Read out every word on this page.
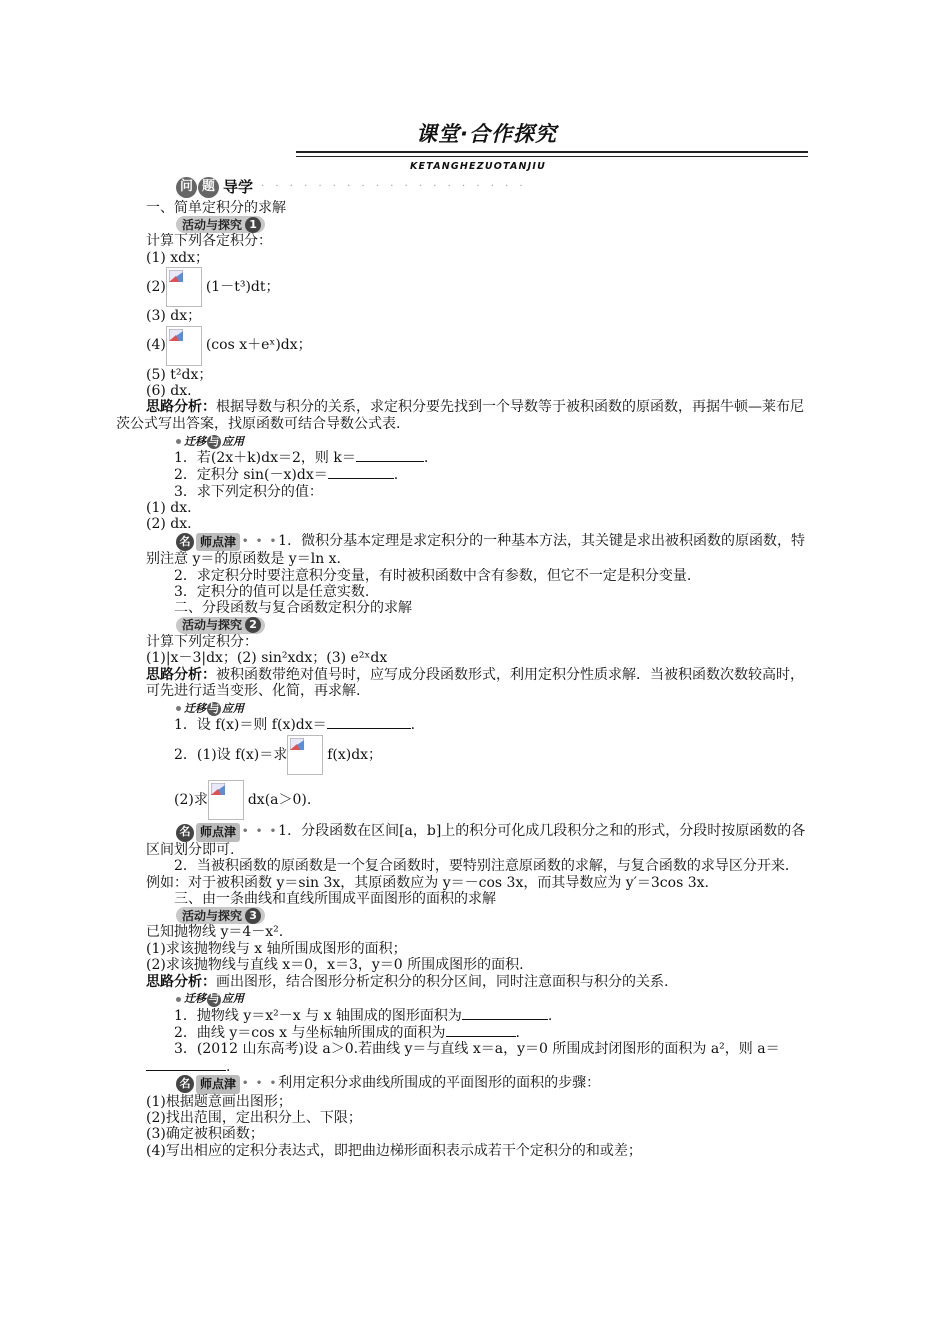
课堂·合作探究
KETANGHEZUOTANJIU
问 题 导学 · · · · · · · · · · · · · · · · · · ·
一、简单定积分的求解
活动与探究 1
计算下列各定积分：
(1) xdx；
(2)	(1－t³)dt；
(3) dx；
(4)	(cos x＋eˣ)dx；
(5) t²dx；
(6) dx.
思路分析：根据导数与积分的关系，求定积分要先找到一个导数等于被积函数的原函数，再据牛顿—莱布尼茨公式写出答案，找原函数可结合导数公式表.
迁移 与 应用
1．若(2x＋k)dx＝2，则 k＝	.
2．定积分 sin(－x)dx＝	.
3．求下列定积分的值：
(1) dx.
(2) dx.
名 师点津 • • • 1．微积分基本定理是求定积分的一种基本方法，其关键是求出被积函数的原函数，特别注意 y＝的原函数是 y＝ln x.
2．求定积分时要注意积分变量，有时被积函数中含有参数，但它不一定是积分变量.
3．定积分的值可以是任意实数.
二、分段函数与复合函数定积分的求解
活动与探究 2
计算下列定积分：
(1)|x－3|dx；(2) sin²xdx；(3) e²ˣdx
思路分析：被积函数带绝对值号时，应写成分段函数形式，利用定积分性质求解．当被积函数次数较高时，可先进行适当变形、化简，再求解.
迁移 与 应用
1．设 f(x)＝则 f(x)dx＝	.
2．(1)设 f(x)＝求	f(x)dx；
(2)求	dx(a＞0).
名 师点津 • • • 1．分段函数在区间[a，b]上的积分可化成几段积分之和的形式，分段时按原函数的各区间划分即可.
2．当被积函数的原函数是一个复合函数时，要特别注意原函数的求解，与复合函数的求导区分开来．例如：对于被积函数 y＝sin 3x，其原函数应为 y＝－cos 3x，而其导数应为 y′＝3cos 3x.
三、由一条曲线和直线所围成平面图形的面积的求解
活动与探究 3
已知抛物线 y＝4－x².
(1)求该抛物线与 x 轴所围成图形的面积；
(2)求该抛物线与直线 x＝0，x＝3，y＝0 所围成图形的面积.
思路分析：画出图形，结合图形分析定积分的积分区间，同时注意面积与积分的关系.
迁移 与 应用
1．抛物线 y＝x²－x 与 x 轴围成的图形面积为	.
2．曲线 y＝cos x 与坐标轴所围成的面积为	.
3．(2012 山东高考)设 a＞0.若曲线 y＝与直线 x＝a，y＝0 所围成封闭图形的面积为 a²，则 a＝.
名 师点津 • • • 利用定积分求曲线所围成的平面图形的面积的步骤：
(1)根据题意画出图形；
(2)找出范围，定出积分上、下限；
(3)确定被积函数；
(4)写出相应的定积分表达式，即把曲边梯形面积表示成若干个定积分的和或差；
